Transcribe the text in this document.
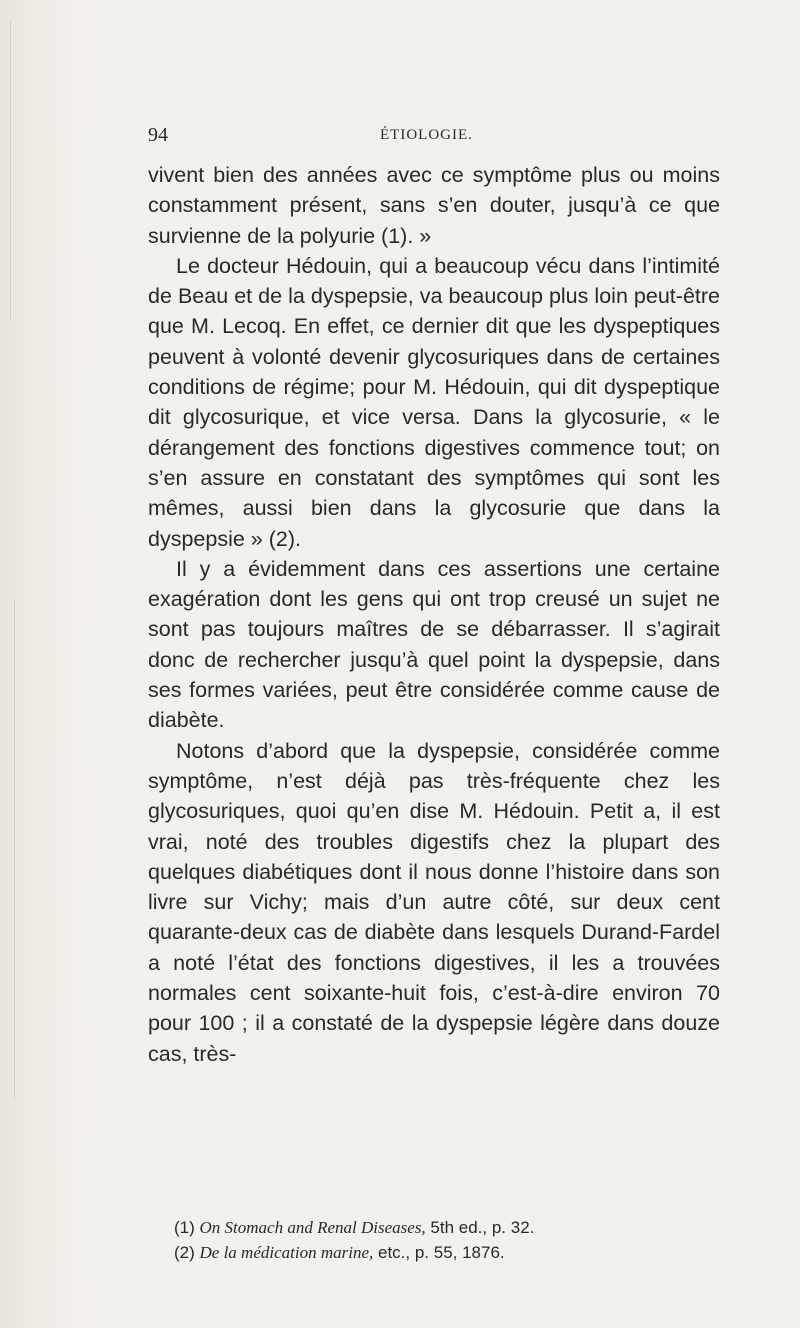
94	ÉTIOLOGIE.

vivent bien des années avec ce symptôme plus ou moins constamment présent, sans s’en douter, jusqu’à ce que survienne de la polyurie (1). »

Le docteur Hédouin, qui a beaucoup vécu dans l’intimité de Beau et de la dyspepsie, va beaucoup plus loin peut-être que M. Lecoq. En effet, ce dernier dit que les dyspeptiques peuvent à volonté devenir glycosuriques dans de certaines conditions de régime; pour M. Hédouin, qui dit dyspeptique dit glycosurique, et vice versa. Dans la glycosurie, « le dérangement des fonctions digestives commence tout; on s’en assure en constatant des symptômes qui sont les mêmes, aussi bien dans la glycosurie que dans la dyspepsie » (2).

Il y a évidemment dans ces assertions une certaine exagération dont les gens qui ont trop creusé un sujet ne sont pas toujours maîtres de se débarrasser. Il s’agirait donc de rechercher jusqu’à quel point la dyspepsie, dans ses formes variées, peut être considérée comme cause de diabète.

Notons d’abord que la dyspepsie, considérée comme symptôme, n’est déjà pas très-fréquente chez les glycosuriques, quoi qu’en dise M. Hédouin. Petit a, il est vrai, noté des troubles digestifs chez la plupart des quelques diabétiques dont il nous donne l’histoire dans son livre sur Vichy; mais d’un autre côté, sur deux cent quarante-deux cas de diabète dans lesquels Durand-Fardel a noté l’état des fonctions digestives, il les a trouvées normales cent soixante-huit fois, c’est-à-dire environ 70 pour 100 ; il a constaté de la dyspepsie légère dans douze cas, très-

(1) On Stomach and Renal Diseases, 5th ed., p. 32.

(2) De la médication marine, etc., p. 55, 1876.
